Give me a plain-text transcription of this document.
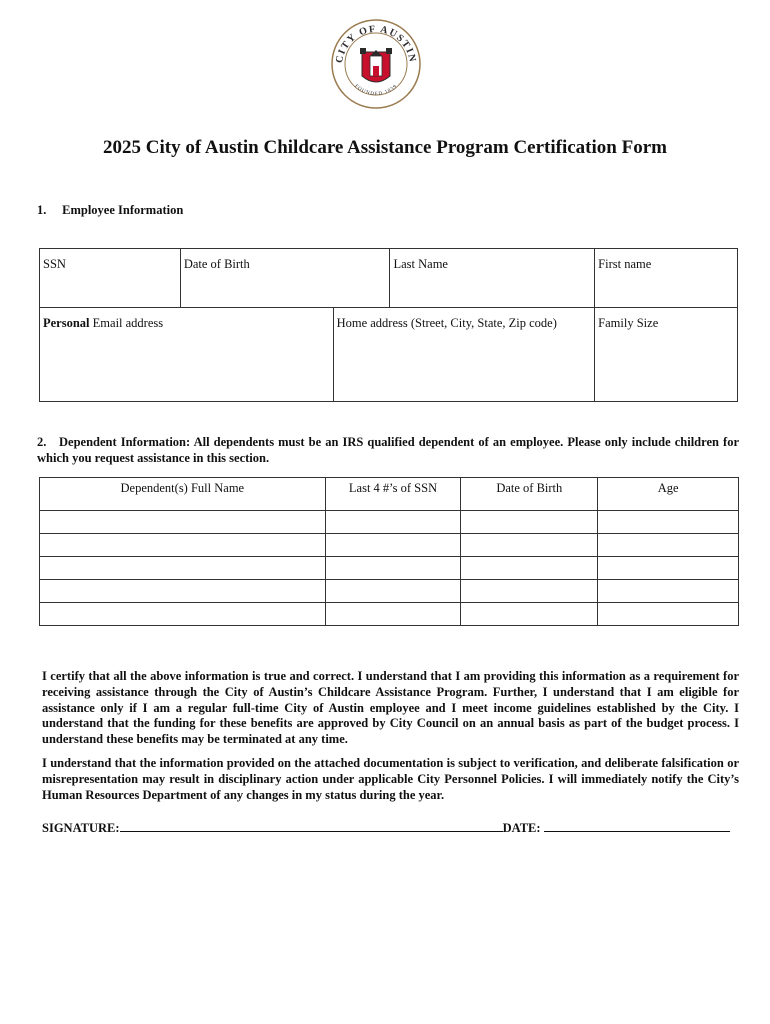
CITY OF AUSTIN
FOUNDED 1839
2025 City of Austin Childcare Assistance Program Certification Form
1. Employee Information
SSN	Date of Birth		Last Name	First name
Personal Email address		Home address (Street, City, State, Zip code)		Family Size
2. Dependent Information: All dependents must be an IRS qualified dependent of an employee. Please only include children for which you request assistance in this section.
Dependent(s) Full Name	Last 4 #’s of SSN	Date of Birth	Age

I certify that all the above information is true and correct. I understand that I am providing this information as a requirement for receiving assistance through the City of Austin’s Childcare Assistance Program. Further, I understand that I am eligible for assistance only if I am a regular full-time City of Austin employee and I meet income guidelines established by the City. I understand that the funding for these benefits are approved by City Council on an annual basis as part of the budget process. I understand these benefits may be terminated at any time.
I understand that the information provided on the attached documentation is subject to verification, and deliberate falsification or misrepresentation may result in disciplinary action under applicable City Personnel Policies. I will immediately notify the City’s Human Resources Department of any changes in my status during the year.
SIGNATURE:	DATE:
